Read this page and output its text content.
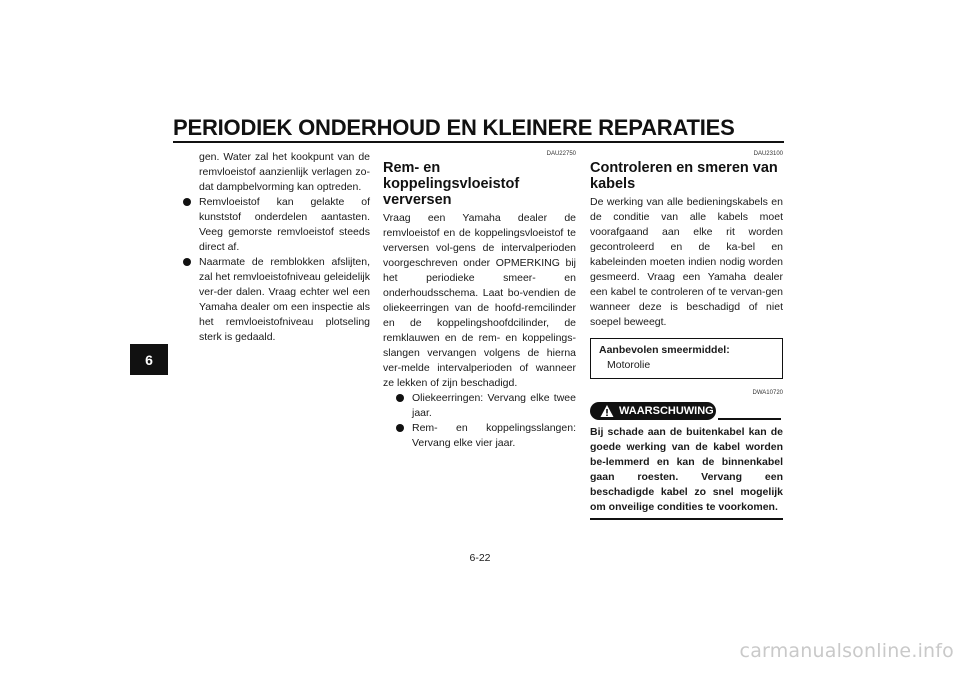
PERIODIEK ONDERHOUD EN KLEINERE REPARATIES
6

gen. Water zal het kookpunt van de remvloeistof aanzienlijk verlagen zo-dat dampbelvorming kan optreden.

Remvloeistof kan gelakte of kunststof onderdelen aantasten. Veeg gemorste remvloeistof steeds direct af.
Naarmate de remblokken afslijten, zal het remvloeistofniveau geleidelijk ver-der dalen. Vraag echter wel een Yamaha dealer om een inspectie als het remvloeistofniveau plotseling sterk is gedaald.
DAU22750
Rem- en koppelingsvloeistof verversen

Vraag een Yamaha dealer de remvloeistof en de koppelingsvloeistof te verversen vol-gens de intervalperioden voorgeschreven onder OPMERKING bij het periodieke smeer- en onderhoudsschema. Laat bo-vendien de oliekeerringen van de hoofd-remcilinder en de koppelingshoofdcilinder, de remklauwen en de rem- en koppelings-slangen vervangen volgens de hierna ver-melde intervalperioden of wanneer ze lekken of zijn beschadigd.

Oliekeerringen: Vervang elke twee jaar.
Rem- en koppelingsslangen: Vervang elke vier jaar.
DAU23100
Controleren en smeren van kabels

De werking van alle bedieningskabels en de conditie van alle kabels moet voorafgaand aan elke rit worden gecontroleerd en de ka-bel en kabeleinden moeten indien nodig worden gesmeerd. Vraag een Yamaha dealer een kabel te controleren of te vervan-gen wanneer deze is beschadigd of niet soepel beweegt.

Aanbevolen smeermiddel:
Motorolie
DWA10720
WAARSCHUWING

Bij schade aan de buitenkabel kan de goede werking van de kabel worden be-lemmerd en kan de binnenkabel gaan roesten. Vervang een beschadigde kabel zo snel mogelijk om onveilige condities te voorkomen.

6-22
carmanualsonline.info
